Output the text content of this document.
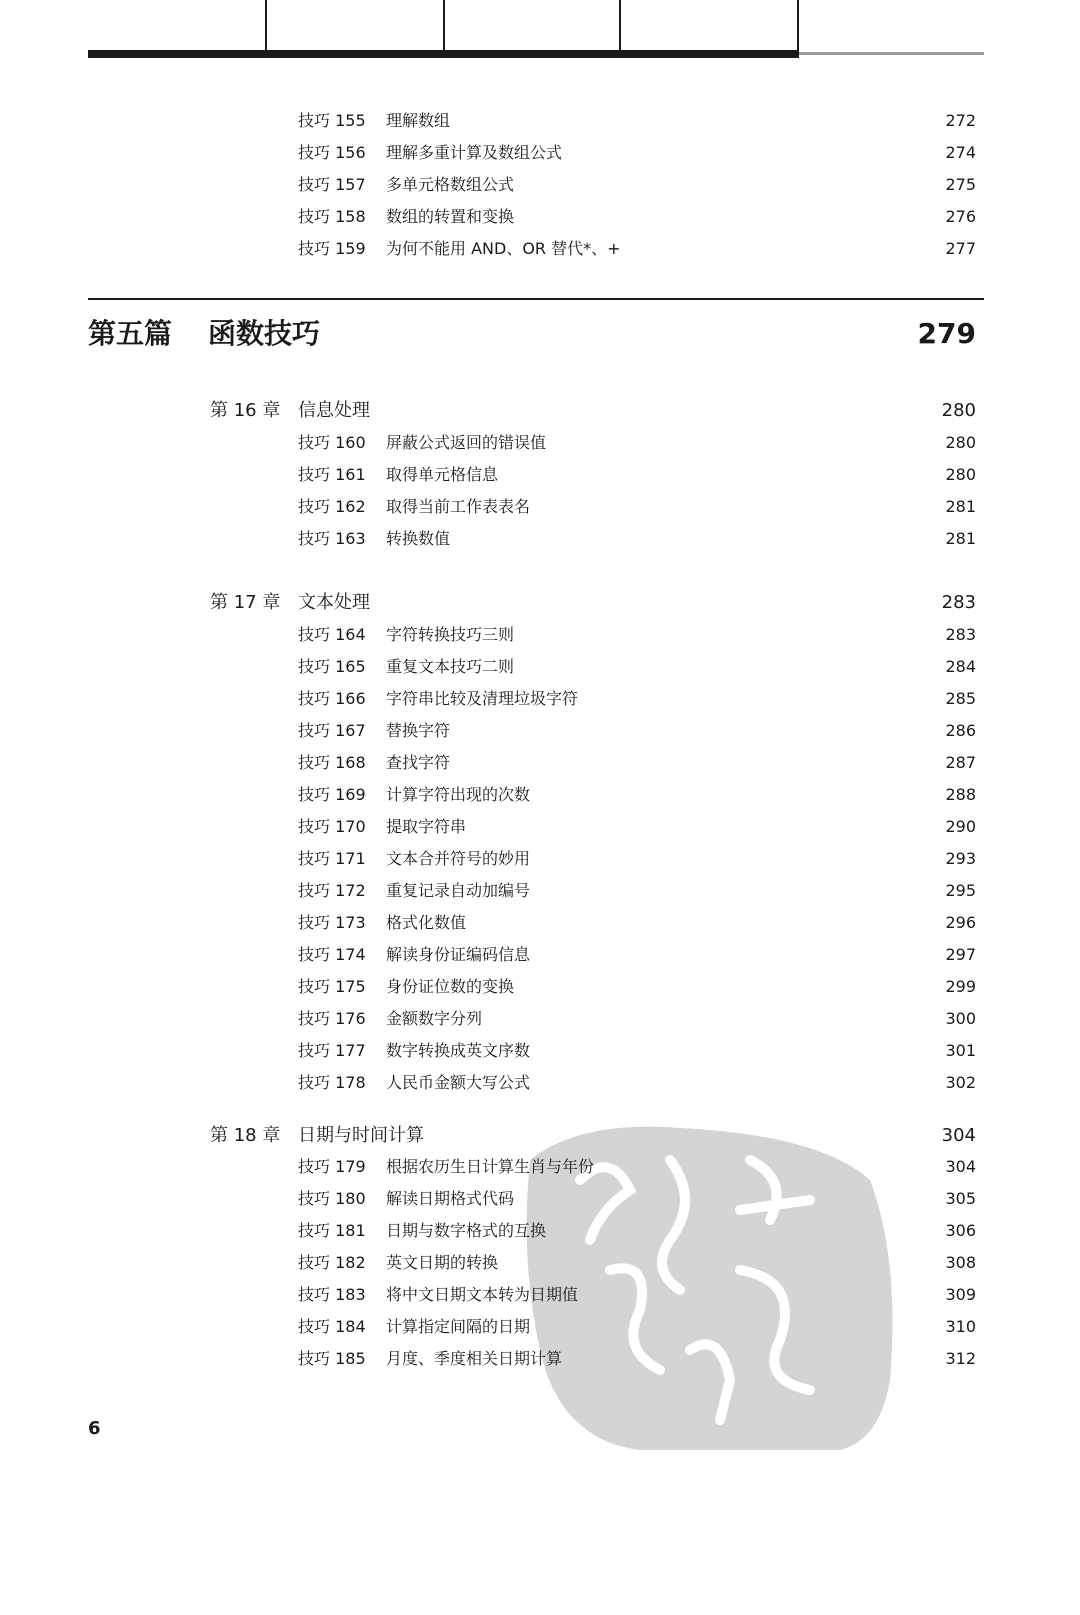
技巧 155 理解数组	272
技巧 156 理解多重计算及数组公式	274
技巧 157 多单元格数组公式	275
技巧 158 数组的转置和变换	276
技巧 159 为何不能用 AND、OR 替代*、+	277
第五篇 函数技巧	279
第 16 章 信息处理	280
技巧 160 屏蔽公式返回的错误值	280
技巧 161 取得单元格信息	280
技巧 162 取得当前工作表表名	281
技巧 163 转换数值	281
第 17 章 文本处理	283
技巧 164 字符转换技巧三则	283
技巧 165 重复文本技巧二则	284
技巧 166 字符串比较及清理垃圾字符	285
技巧 167 替换字符	286
技巧 168 查找字符	287
技巧 169 计算字符出现的次数	288
技巧 170 提取字符串	290
技巧 171 文本合并符号的妙用	293
技巧 172 重复记录自动加编号	295
技巧 173 格式化数值	296
技巧 174 解读身份证编码信息	297
技巧 175 身份证位数的变换	299
技巧 176 金额数字分列	300
技巧 177 数字转换成英文序数	301
技巧 178 人民币金额大写公式	302
第 18 章 日期与时间计算	304
技巧 179 根据农历生日计算生肖与年份	304
技巧 180 解读日期格式代码	305
技巧 181 日期与数字格式的互换	306
技巧 182 英文日期的转换	308
技巧 183 将中文日期文本转为日期值	309
技巧 184 计算指定间隔的日期	310
技巧 185 月度、季度相关日期计算	312
6
